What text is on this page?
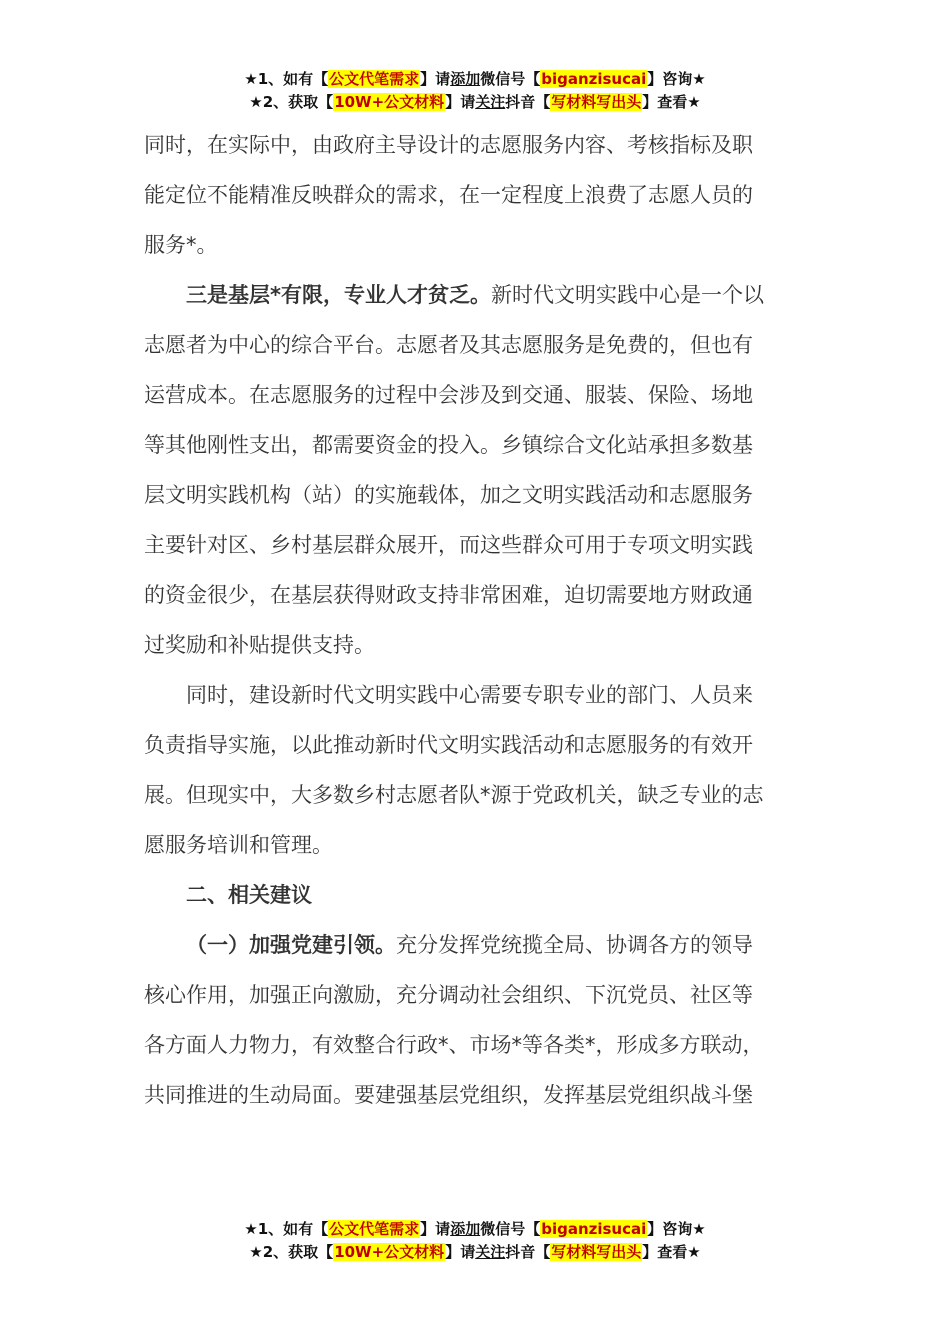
★1、如有【公文代笔需求】请添加微信号【biganzisucai】咨询★
★2、获取【10W+公文材料】请关注抖音【写材料写出头】查看★

同时，在实际中，由政府主导设计的志愿服务内容、考核指标及职
能定位不能精准反映群众的需求，在一定程度上浪费了志愿人员的
服务*。

三是基层*有限，专业人才贫乏。新时代文明实践中心是一个以
志愿者为中心的综合平台。志愿者及其志愿服务是免费的，但也有
运营成本。在志愿服务的过程中会涉及到交通、服装、保险、场地
等其他刚性支出，都需要资金的投入。乡镇综合文化站承担多数基
层文明实践机构（站）的实施载体，加之文明实践活动和志愿服务
主要针对区、乡村基层群众展开，而这些群众可用于专项文明实践
的资金很少，在基层获得财政支持非常困难，迫切需要地方财政通
过奖励和补贴提供支持。

同时，建设新时代文明实践中心需要专职专业的部门、人员来
负责指导实施，以此推动新时代文明实践活动和志愿服务的有效开
展。但现实中，大多数乡村志愿者队*源于党政机关，缺乏专业的志
愿服务培训和管理。

二、相关建议

（一）加强党建引领。充分发挥党统揽全局、协调各方的领导
核心作用，加强正向激励，充分调动社会组织、下沉党员、社区等
各方面人力物力，有效整合行政*、市场*等各类*，形成多方联动，
共同推进的生动局面。要建强基层党组织，发挥基层党组织战斗堡

★1、如有【公文代笔需求】请添加微信号【biganzisucai】咨询★
★2、获取【10W+公文材料】请关注抖音【写材料写出头】查看★
